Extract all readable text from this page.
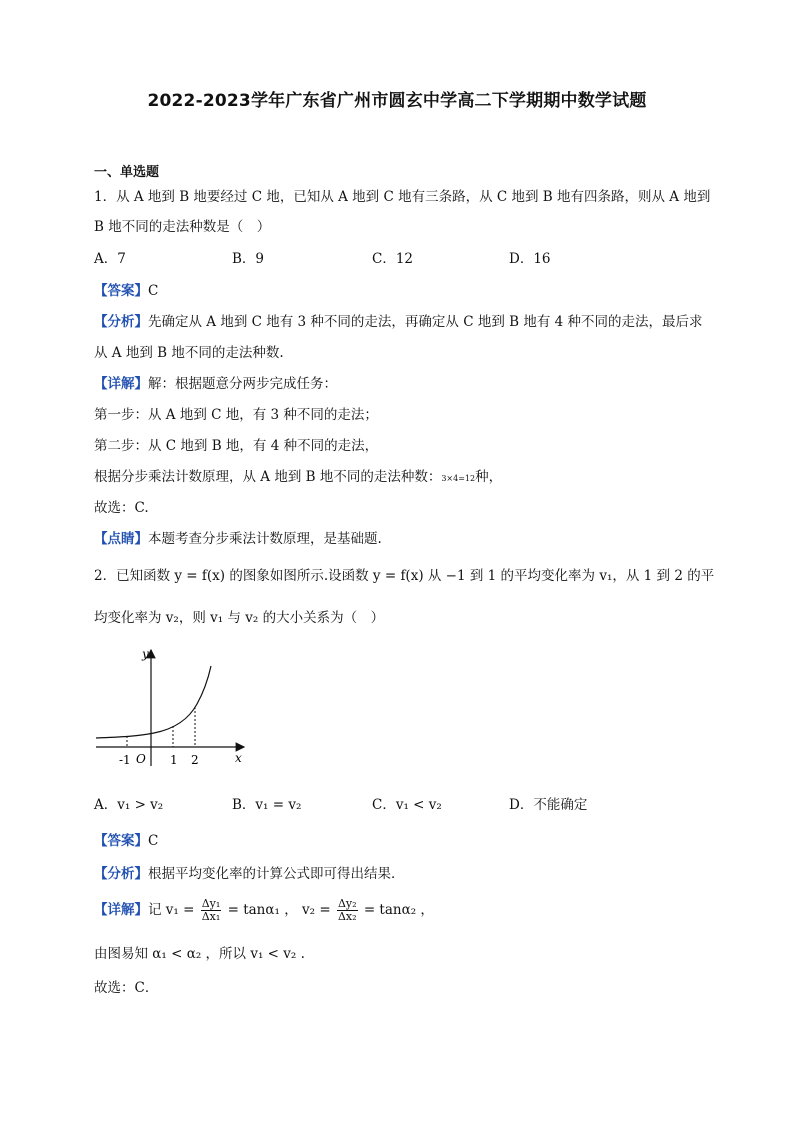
2022-2023学年广东省广州市圆玄中学高二下学期期中数学试题
一、单选题
1．从 A 地到 B 地要经过 C 地，已知从 A 地到 C 地有三条路，从 C 地到 B 地有四条路，则从 A 地到
B 地不同的走法种数是（　）
A．7	B．9	C．12	D．16
【答案】C
【分析】先确定从 A 地到 C 地有 3 种不同的走法，再确定从 C 地到 B 地有 4 种不同的走法，最后求
从 A 地到 B 地不同的走法种数.
【详解】解：根据题意分两步完成任务：
第一步：从 A 地到 C 地，有 3 种不同的走法；
第二步：从 C 地到 B 地，有 4 种不同的走法，
根据分步乘法计数原理，从 A 地到 B 地不同的走法种数：3×4=12种，
故选：C.
【点睛】本题考查分步乘法计数原理，是基础题.
2．已知函数 y = f(x) 的图象如图所示.设函数 y = f(x) 从 −1 到 1 的平均变化率为 v₁，从 1 到 2 的平
均变化率为 v₂，则 v₁ 与 v₂ 的大小关系为（　）
y
x
O
-1	1 2
A．v₁ > v₂	B．v₁ = v₂	C．v₁ < v₂	D．不能确定
【答案】C
【分析】根据平均变化率的计算公式即可得出结果．
【详解】记 $v_1 = \frac{\text{Δy₁}}{\text{Δx₁}} = \tan\alpha_1$ ， $v_2 = \frac{\text{Δy₂}}{\text{Δx₂}} = \tan\alpha_2$ ，
由图易知 α₁ < α₂ ，所以 v₁ < v₂ .
故选：C．
